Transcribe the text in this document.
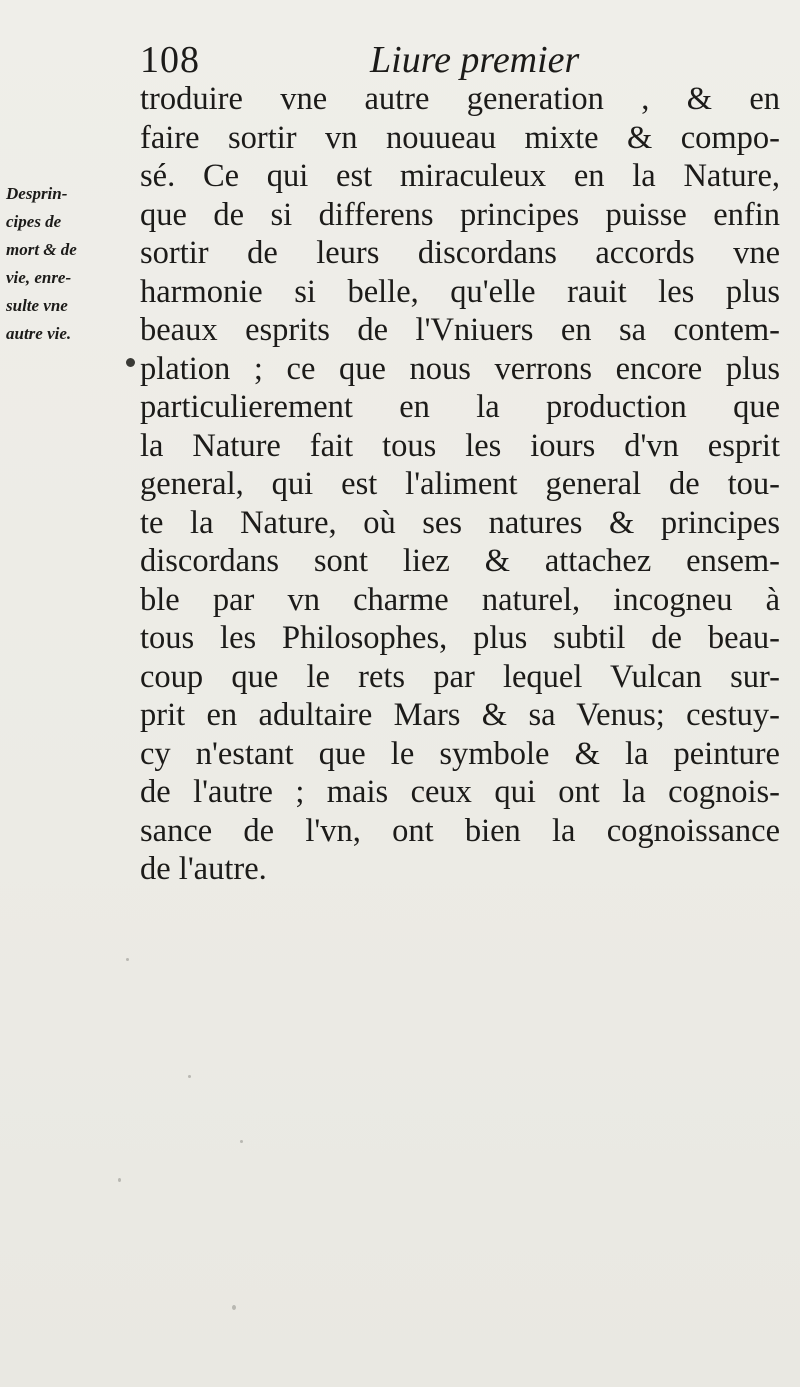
108	Liure premier
Desprin-
cipes de
mort & de
vie, enre-
sulte vne
autre vie.
troduire vne autre generation , & en
faire sortir vn nouueau mixte & compo-
sé. Ce qui est miraculeux en la Nature,
que de si differens principes puisse enfin
sortir de leurs discordans accords vne
harmonie si belle, qu'elle rauit les plus
beaux esprits de l'Vniuers en sa contem-
plation ; ce que nous verrons encore plus
particulierement en la production que
la Nature fait tous les iours d'vn esprit
general, qui est l'aliment general de tou-
te la Nature, où ses natures & principes
discordans sont liez & attachez ensem-
ble par vn charme naturel, incogneu à
tous les Philosophes, plus subtil de beau-
coup que le rets par lequel Vulcan sur-
prit en adultaire Mars & sa Venus; cestuy-
cy n'estant que le symbole & la peinture
de l'autre ; mais ceux qui ont la cognois-
sance de l'vn, ont bien la cognoissance
de l'autre.
